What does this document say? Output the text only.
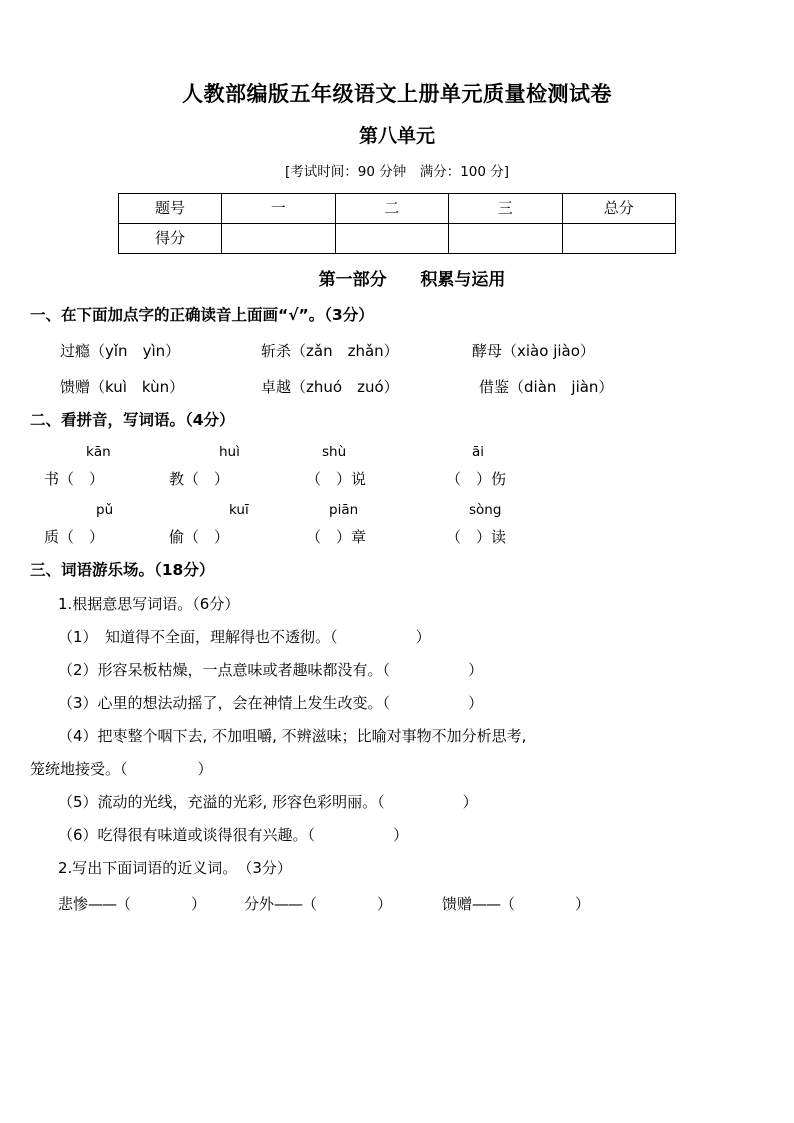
人教部编版五年级语文上册单元质量检测试卷
第八单元

[考试时间：90 分钟　满分：100 分]

题号	一	二	三	总分
得分				

第一部分 积累与运用

一、在下面加点字的正确读音上面画“√”。（3分）

过瘾（yǐn　yìn）	斩杀（zǎn　zhǎn）	酵母（xiào jiào）
馈赠（kuì　kùn）	卓越（zhuó　zuó）	借鉴（diàn　jiàn）

二、看拼音，写词语。（4分）

kān	huì	shù	āi
书（　）	教（　）	（　）说	（　）伤
pǔ	kuī	piān	sòng
质（　）	偷（　）	（　）章	（　）读

三、词语游乐场。（18分）

1.根据意思写词语。（6分）

（1）　知道得不全面，理解得也不透彻。（	）

（2）形容呆板枯燥，一点意味或者趣味都没有。（	）

（3）心里的想法动摇了，会在神情上发生改变。（	）

（4）把枣整个咽下去, 不加咀嚼, 不辨滋味；比喻对事物不加分析思考,

笼统地接受。（	）

（5）流动的光线，充溢的光彩, 形容色彩明丽。（	）

（6）吃得很有味道或谈得很有兴趣。（	）

2.写出下面词语的近义词。　（3分）

悲惨——（　　　　）	分外——（　　　　）	馈赠——（　　　　）
